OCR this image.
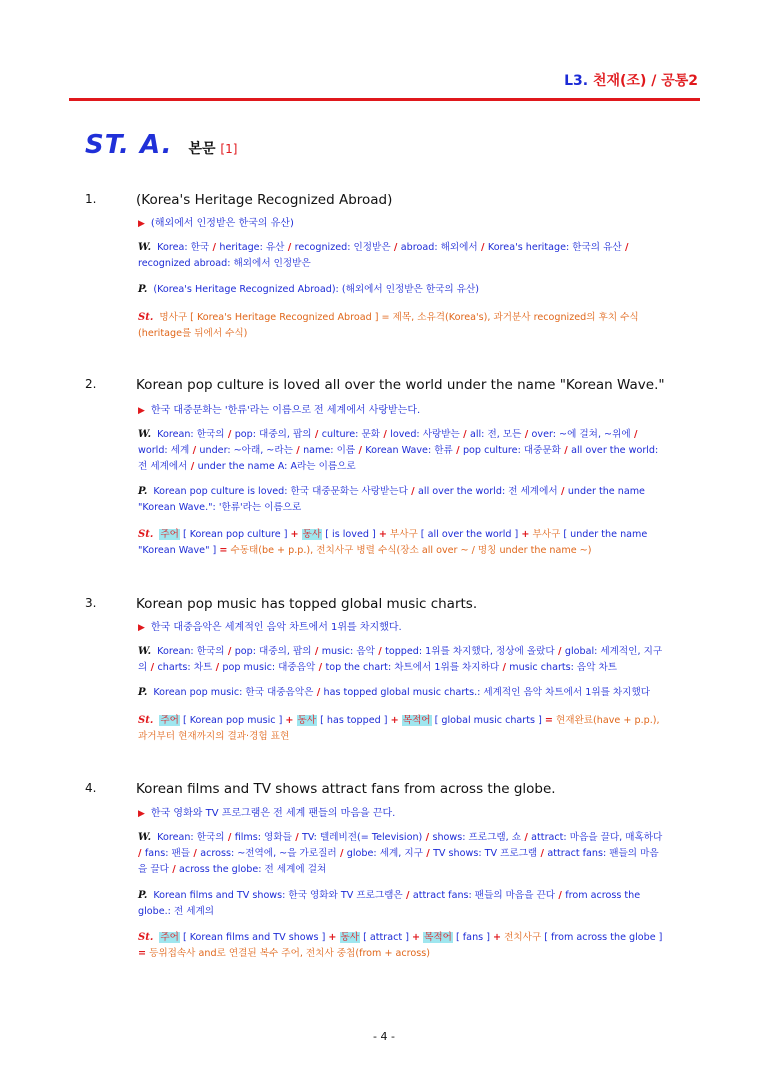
L3. 천재(조) / 공통2
ST. A. 본문 [1]
1.	(Korea's Heritage Recognized Abroad)
▶ (해외에서 인정받은 한국의 유산)
W. Korea: 한국 / heritage: 유산 / recognized: 인정받은 / abroad: 해외에서 / Korea's heritage: 한국의 유산 / recognized abroad: 해외에서 인정받은
P. (Korea's Heritage Recognized Abroad): (해외에서 인정받은 한국의 유산)
St. 명사구 [ Korea's Heritage Recognized Abroad ] = 제목, 소유격(Korea's), 과거분사 recognized의 후치 수식(heritage를 뒤에서 수식)
2.	Korean pop culture is loved all over the world under the name "Korean Wave."
▶ 한국 대중문화는 '한류'라는 이름으로 전 세계에서 사랑받는다.
W. Korean: 한국의 / pop: 대중의, 팝의 / culture: 문화 / loved: 사랑받는 / all: 전, 모든 / over: ~에 걸쳐, ~위에 / world: 세계 / under: ~아래, ~라는 / name: 이름 / Korean Wave: 한류 / pop culture: 대중문화 / all over the world: 전 세계에서 / under the name A: A라는 이름으로
P. Korean pop culture is loved: 한국 대중문화는 사랑받는다 / all over the world: 전 세계에서 / under the name "Korean Wave.": '한류'라는 이름으로
St. 주어 [ Korean pop culture ] + 동사 [ is loved ] + 부사구 [ all over the world ] + 부사구 [ under the name "Korean Wave" ] = 수동태(be + p.p.), 전치사구 병렬 수식(장소 all over ~ / 명칭 under the name ~)
3.	Korean pop music has topped global music charts.
▶ 한국 대중음악은 세계적인 음악 차트에서 1위를 차지했다.
W. Korean: 한국의 / pop: 대중의, 팝의 / music: 음악 / topped: 1위를 차지했다, 정상에 올랐다 / global: 세계적인, 지구의 / charts: 차트 / pop music: 대중음악 / top the chart: 차트에서 1위를 차지하다 / music charts: 음악 차트
P. Korean pop music: 한국 대중음악은 / has topped global music charts.: 세계적인 음악 차트에서 1위를 차지했다
St. 주어 [ Korean pop music ] + 동사 [ has topped ] + 목적어 [ global music charts ] = 현재완료(have + p.p.), 과거부터 현재까지의 결과·경험 표현
4.	Korean films and TV shows attract fans from across the globe.
▶ 한국 영화와 TV 프로그램은 전 세계 팬들의 마음을 끈다.
W. Korean: 한국의 / films: 영화들 / TV: 텔레비전(= Television) / shows: 프로그램, 쇼 / attract: 마음을 끌다, 매혹하다 / fans: 팬들 / across: ~전역에, ~을 가로질러 / globe: 세계, 지구 / TV shows: TV 프로그램 / attract fans: 팬들의 마음을 끌다 / across the globe: 전 세계에 걸쳐
P. Korean films and TV shows: 한국 영화와 TV 프로그램은 / attract fans: 팬들의 마음을 끈다 / from across the globe.: 전 세계의
St. 주어 [ Korean films and TV shows ] + 동사 [ attract ] + 목적어 [ fans ] + 전치사구 [ from across the globe ] = 등위접속사 and로 연결된 복수 주어, 전치사 중첩(from + across)
- 4 -
